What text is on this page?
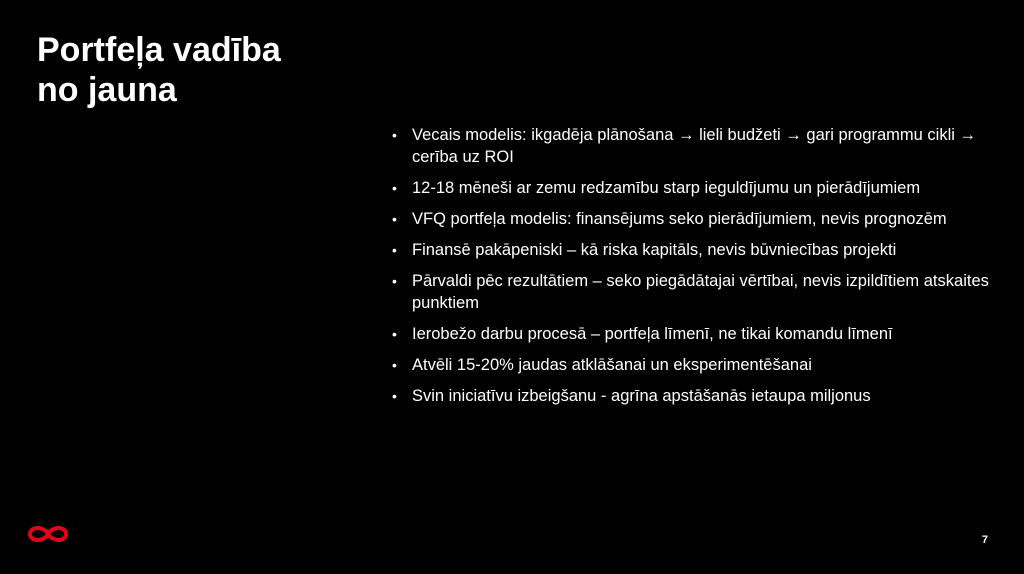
Portfeļa vadība
no jauna
• Vecais modelis: ikgadēja plānošana → lieli budžeti → gari programmu cikli → cerība uz ROI
• 12-18 mēneši ar zemu redzamību starp ieguldījumu un pierādījumiem
• VFQ portfeļa modelis: finansējums seko pierādījumiem, nevis prognozēm
• Finansē pakāpeniski – kā riska kapitāls, nevis būvniecības projekti
• Pārvaldi pēc rezultātiem – seko piegādātajai vērtībai, nevis izpildītiem atskaites punktiem
• Ierobežo darbu procesā – portfeļa līmenī, ne tikai komandu līmenī
• Atvēli 15-20% jaudas atklāšanai un eksperimentēšanai
• Svin iniciatīvu izbeigšanu - agrīna apstāšanās ietaupa miljonus
7
